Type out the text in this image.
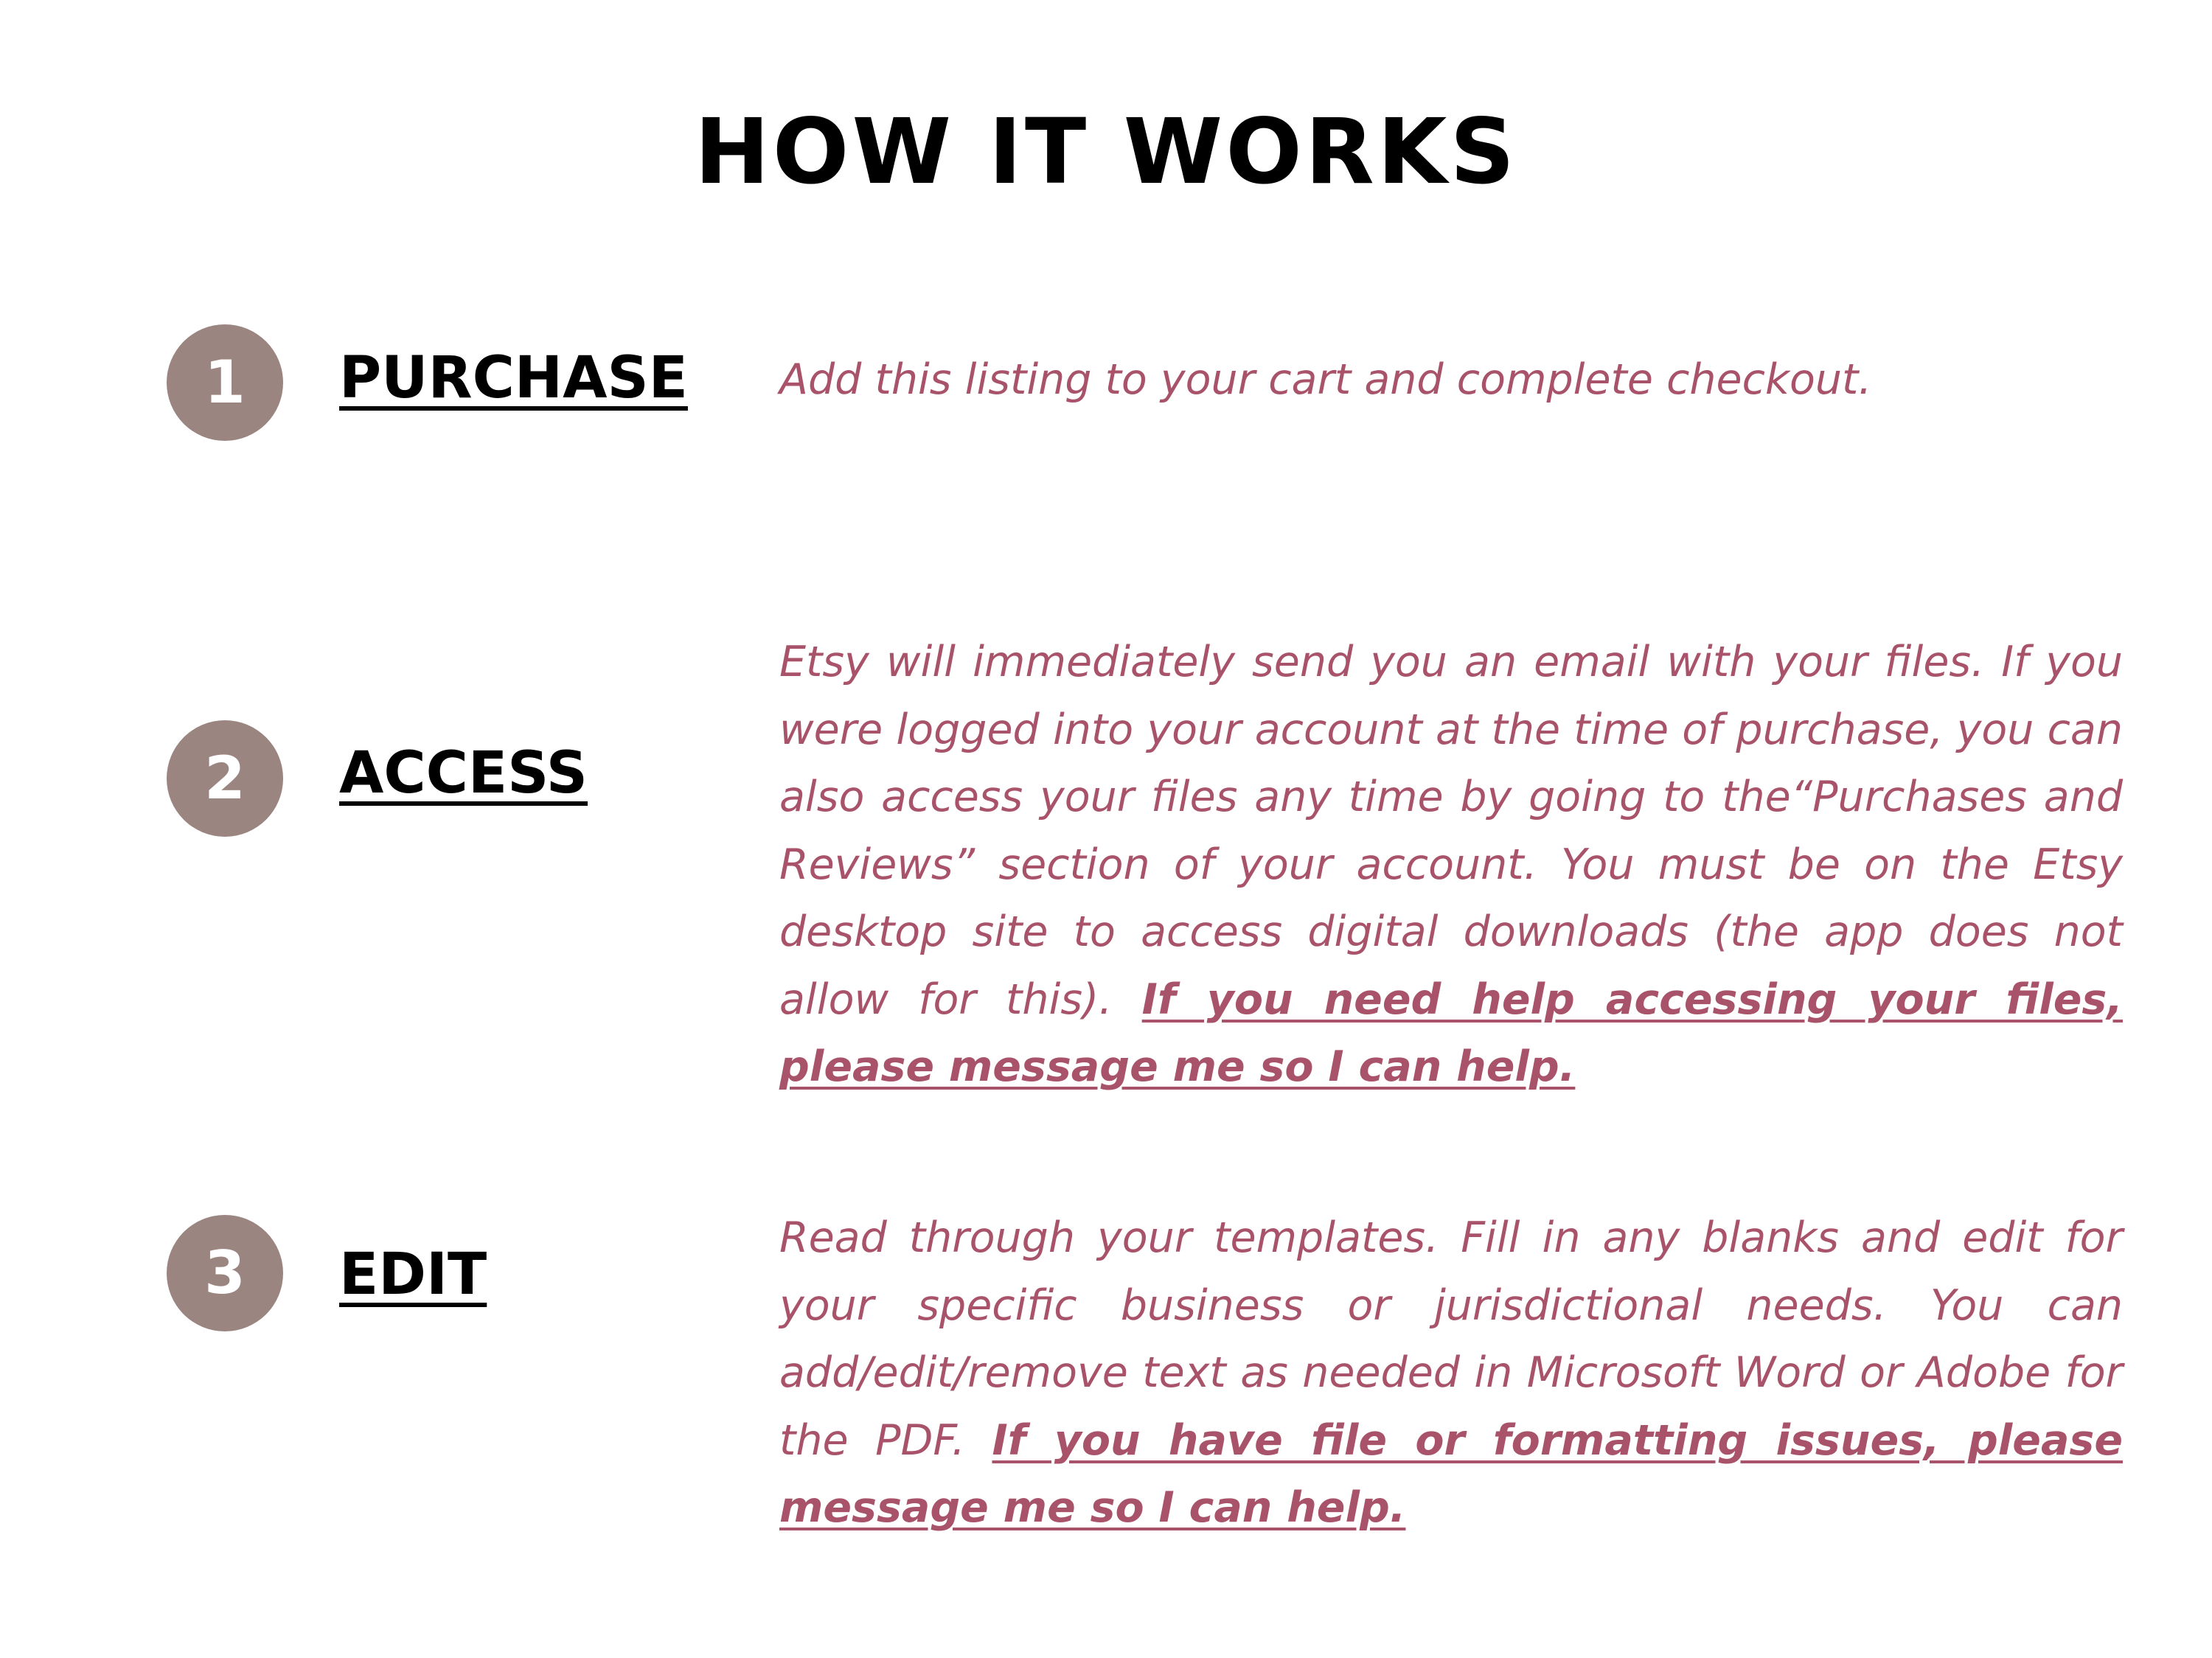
HOW IT WORKS
1	PURCHASE Add this listing to your cart and complete checkout.

2	ACCESS

Etsy will immediately send you an email with your files. If you were logged into your account at the time of purchase, you can also access your files any time by going to the“Purchases and Reviews” section of your account. You must be on the Etsy desktop site to access digital downloads (the app does not allow for this). If you need help accessing your files, please message me so I can help.

3	EDIT

Read through your templates. Fill in any blanks and edit for your specific business or jurisdictional needs. You can add/edit/remove text as needed in Microsoft Word or Adobe for the PDF. If you have file or formatting issues, please message me so I can help.
